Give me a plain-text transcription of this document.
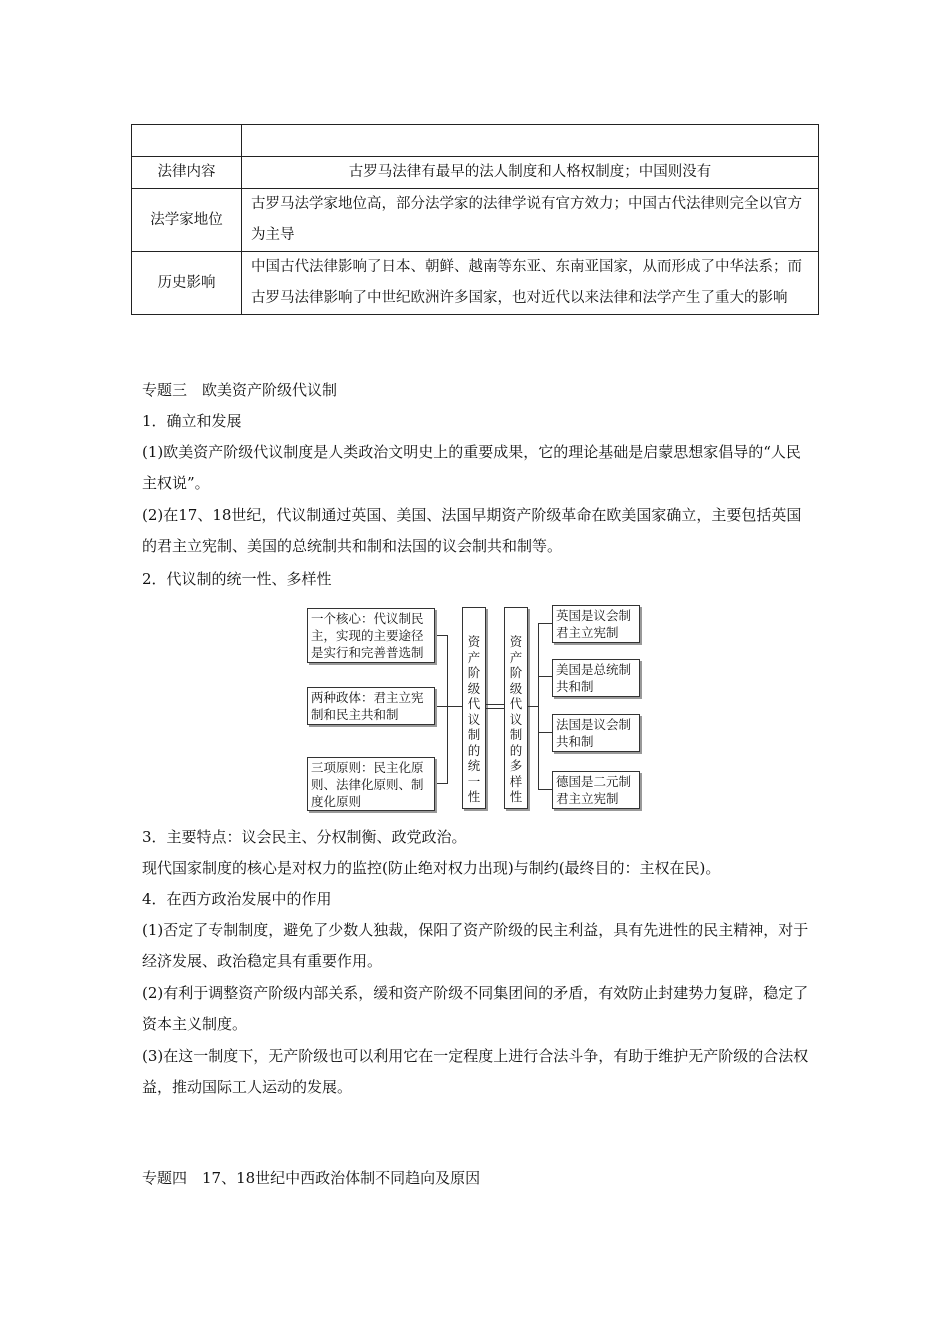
法律内容	古罗马法律有最早的法人制度和人格权制度；中国则没有
法学家地位	古罗马法学家地位高，部分法学家的法律学说有官方效力；中国古代法律则完全以官方为主导
历史影响	中国古代法律影响了日本、朝鲜、越南等东亚、东南亚国家，从而形成了中华法系；而古罗马法律影响了中世纪欧洲许多国家，也对近代以来法律和法学产生了重大的影响
专题三　欧美资产阶级代议制
1．确立和发展
(1)欧美资产阶级代议制度是人类政治文明史上的重要成果，它的理论基础是启蒙思想家倡导的“人民主权说”。
(2)在17、18世纪，代议制通过英国、美国、法国早期资产阶级革命在欧美国家确立，主要包括英国的君主立宪制、美国的总统制共和制和法国的议会制共和制等。
2．代议制的统一性、多样性
一个核心：代议制民主，实现的主要途径是实行和完善普选制
两种政体：君主立宪制和民主共和制
三项原则：民主化原则、法律化原则、制度化原则
资
产
阶
级
代
议
制
的
统
一
性
资
产
阶
级
代
议
制
的
多
样
性
英国是议会制君主立宪制
美国是总统制共和制
法国是议会制共和制
德国是二元制君主立宪制
3．主要特点：议会民主、分权制衡、政党政治。
现代国家制度的核心是对权力的监控(防止绝对权力出现)与制约(最终目的：主权在民)。
4．在西方政治发展中的作用
(1)否定了专制制度，避免了少数人独裁，保阳了资产阶级的民主利益，具有先进性的民主精神，对于经济发展、政治稳定具有重要作用。
(2)有利于调整资产阶级内部关系，缓和资产阶级不同集团间的矛盾，有效防止封建势力复辟，稳定了资本主义制度。
(3)在这一制度下，无产阶级也可以利用它在一定程度上进行合法斗争，有助于维护无产阶级的合法权益，推动国际工人运动的发展。
专题四　17、18世纪中西政治体制不同趋向及原因
